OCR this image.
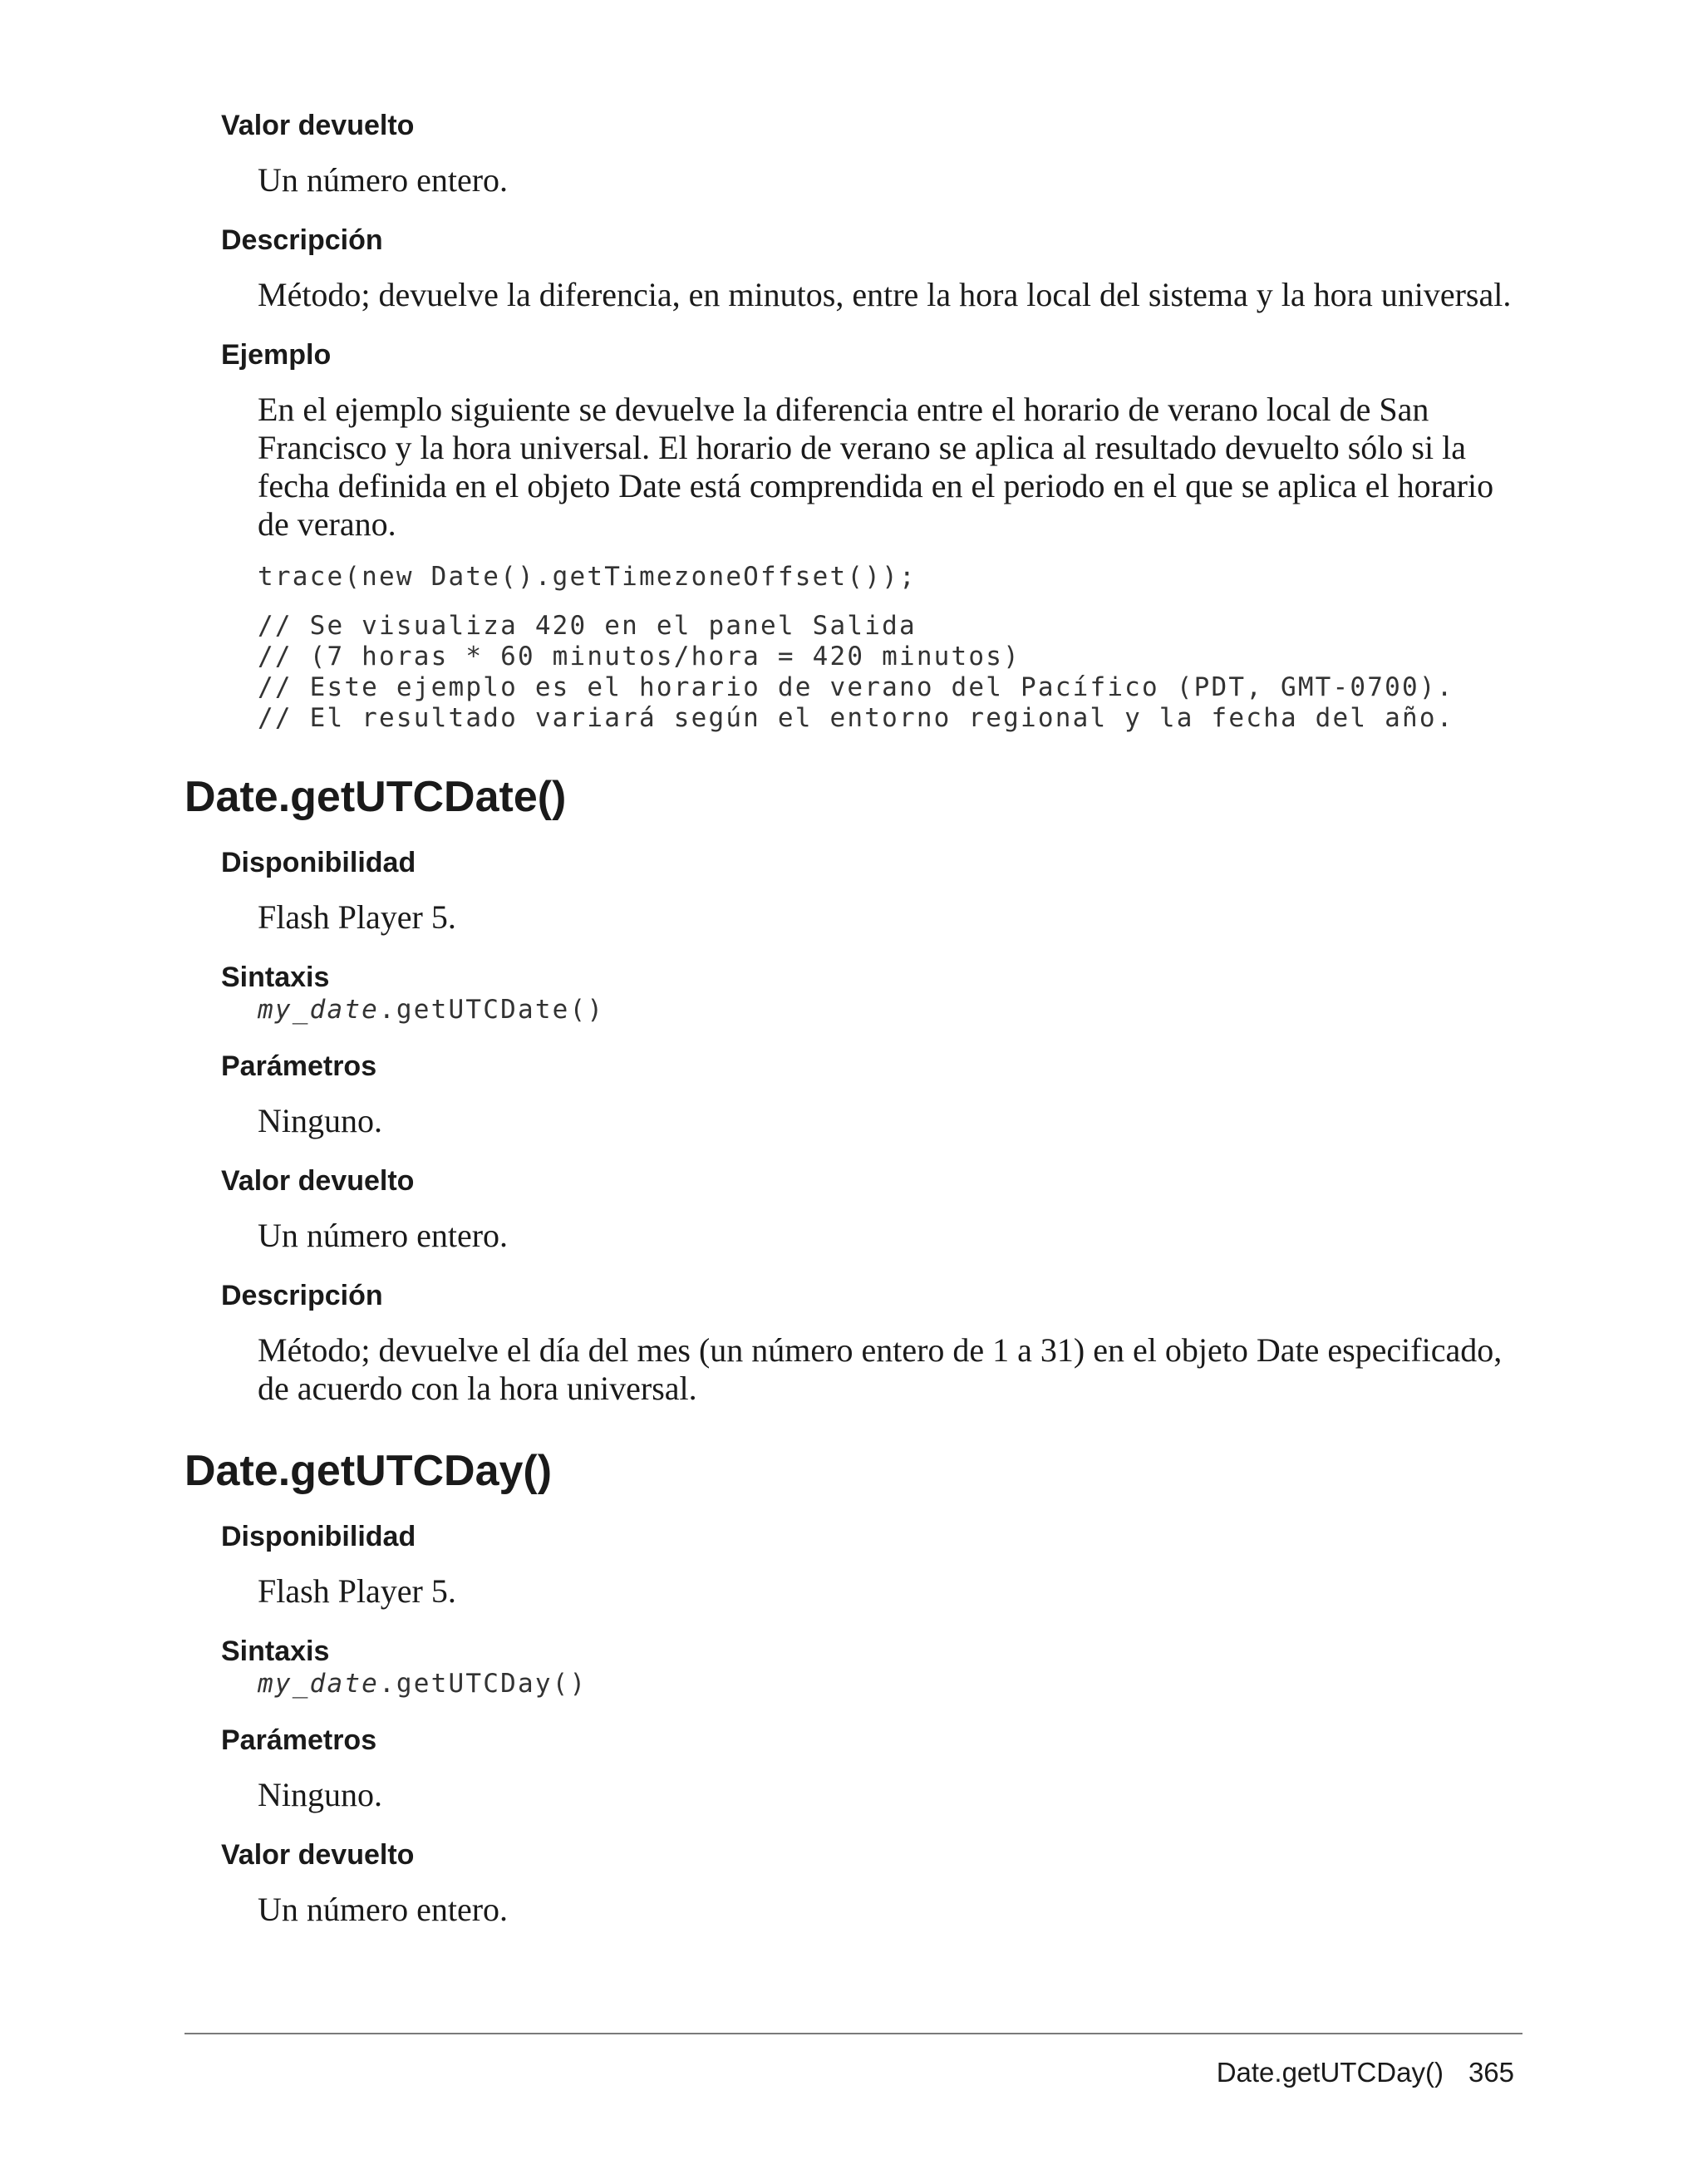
Valor devuelto
Un número entero.
Descripción
Método; devuelve la diferencia, en minutos, entre la hora local del sistema y la hora universal.
Ejemplo
En el ejemplo siguiente se devuelve la diferencia entre el horario de verano local de San Francisco y la hora universal. El horario de verano se aplica al resultado devuelto sólo si la fecha definida en el objeto Date está comprendida en el periodo en el que se aplica el horario de verano.
trace(new Date().getTimezoneOffset());
// Se visualiza 420 en el panel Salida
// (7 horas * 60 minutos/hora = 420 minutos)
// Este ejemplo es el horario de verano del Pacífico (PDT, GMT-0700).
// El resultado variará según el entorno regional y la fecha del año.
Date.getUTCDate()
Disponibilidad
Flash Player 5.
Sintaxis
my_date.getUTCDate()
Parámetros
Ninguno.
Valor devuelto
Un número entero.
Descripción
Método; devuelve el día del mes (un número entero de 1 a 31) en el objeto Date especificado, de acuerdo con la hora universal.
Date.getUTCDay()
Disponibilidad
Flash Player 5.
Sintaxis
my_date.getUTCDay()
Parámetros
Ninguno.
Valor devuelto
Un número entero.
Date.getUTCDay() 365
